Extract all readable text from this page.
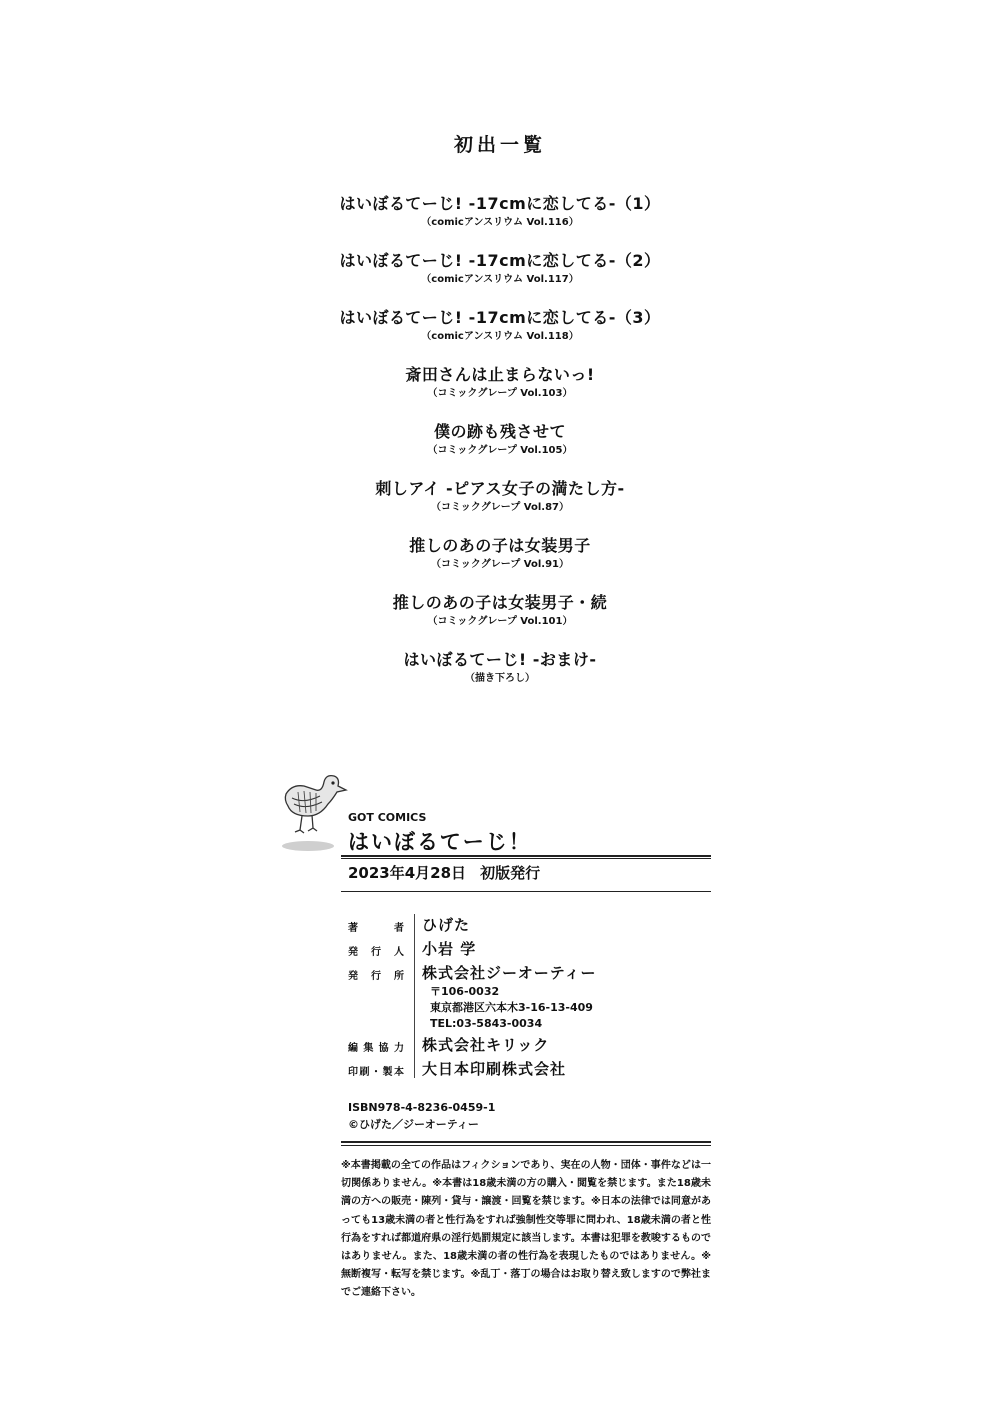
初出一覧
はいぼるてーじ! -17cmに恋してる-（1）
（comicアンスリウム Vol.116）
はいぼるてーじ! -17cmに恋してる-（2）
（comicアンスリウム Vol.117）
はいぼるてーじ! -17cmに恋してる-（3）
（comicアンスリウム Vol.118）
斎田さんは止まらないっ!
（コミックグレープ Vol.103）
僕の跡も残させて
（コミックグレープ Vol.105）
刺しアイ -ピアス女子の満たし方-
（コミックグレープ Vol.87）
推しのあの子は女装男子
（コミックグレープ Vol.91）
推しのあの子は女装男子・続
（コミックグレープ Vol.101）
はいぼるてーじ! -おまけ-
（描き下ろし）
GOT COMICS
はいぼるてーじ！
2023年4月28日 初版発行
著者 ひげた
発行人 小岩 学
発行所 株式会社ジーオーティー
編集協力 株式会社キリック
印刷・製本 大日本印刷株式会社
〒106-0032
東京都港区六本木3-16-13-409
TEL:03-5843-0034
ISBN978-4-8236-0459-1
©ひげた／ジーオーティー
※本書掲載の全ての作品はフィクションであり、実在の人物・団体・事件などは一切関係ありません。※本書は18歳未満の方の購入・閲覧を禁じます。また18歳未満の方への販売・陳列・貸与・譲渡・回覧を禁じます。※日本の法律では同意があっても13歳未満の者と性行為をすれば強制性交等罪に問われ、18歳未満の者と性行為をすれば都道府県の淫行処罰規定に該当します。本書は犯罪を教唆するものではありません。また、18歳未満の者の性行為を表現したものではありません。※無断複写・転写を禁じます。※乱丁・落丁の場合はお取り替え致しますので弊社までご連絡下さい。
